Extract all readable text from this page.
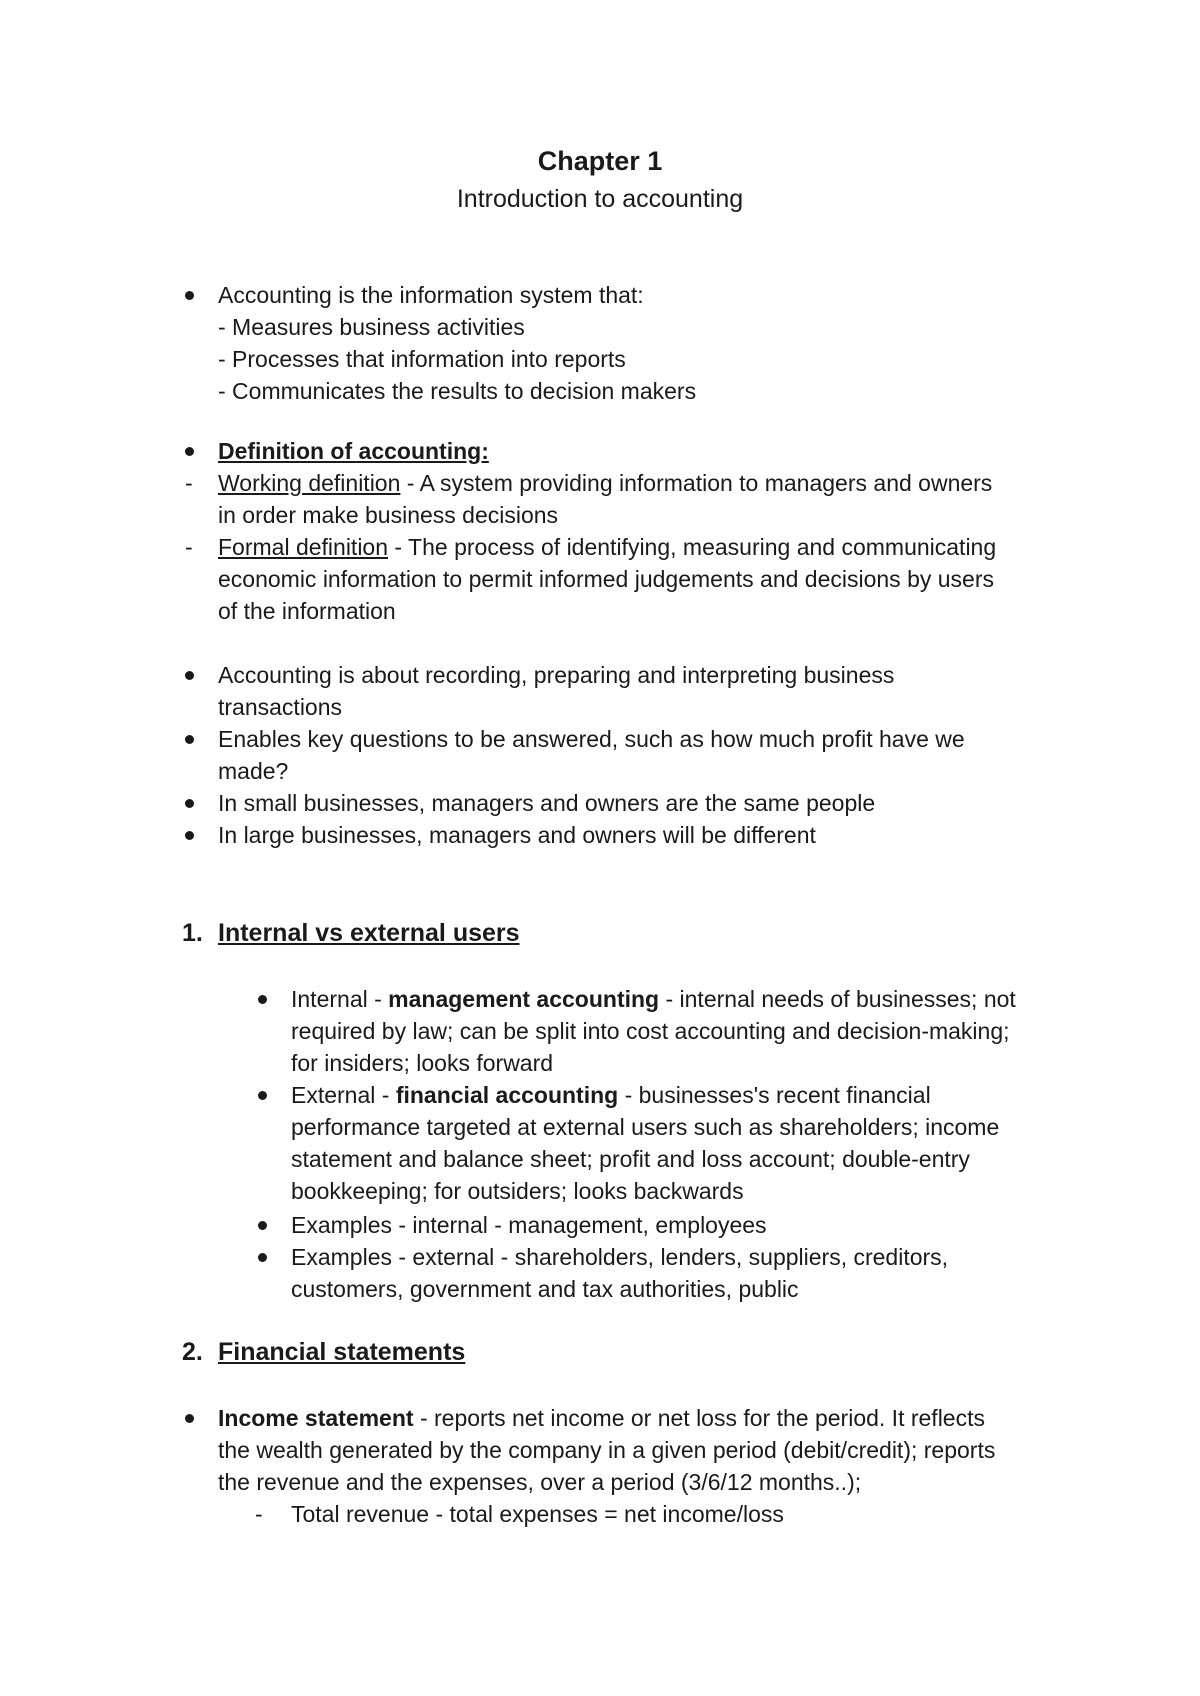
Chapter 1
Introduction to accounting
Accounting is the information system that:
- Measures business activities
- Processes that information into reports
- Communicates the results to decision makers
Definition of accounting:
- Working definition - A system providing information to managers and owners
in order make business decisions
- Formal definition - The process of identifying, measuring and communicating
economic information to permit informed judgements and decisions by users
of the information
Accounting is about recording, preparing and interpreting business
transactions
Enables key questions to be answered, such as how much profit have we
made?
In small businesses, managers and owners are the same people
In large businesses, managers and owners will be different
1. Internal vs external users
Internal - management accounting - internal needs of businesses; not
required by law; can be split into cost accounting and decision-making;
for insiders; looks forward
External - financial accounting - businesses's recent financial
performance targeted at external users such as shareholders; income
statement and balance sheet; profit and loss account; double-entry
bookkeeping; for outsiders; looks backwards
Examples - internal - management, employees
Examples - external - shareholders, lenders, suppliers, creditors,
customers, government and tax authorities, public
2. Financial statements
Income statement - reports net income or net loss for the period. It reflects
the wealth generated by the company in a given period (debit/credit); reports
the revenue and the expenses, over a period (3/6/12 months..);
- Total revenue - total expenses = net income/loss
